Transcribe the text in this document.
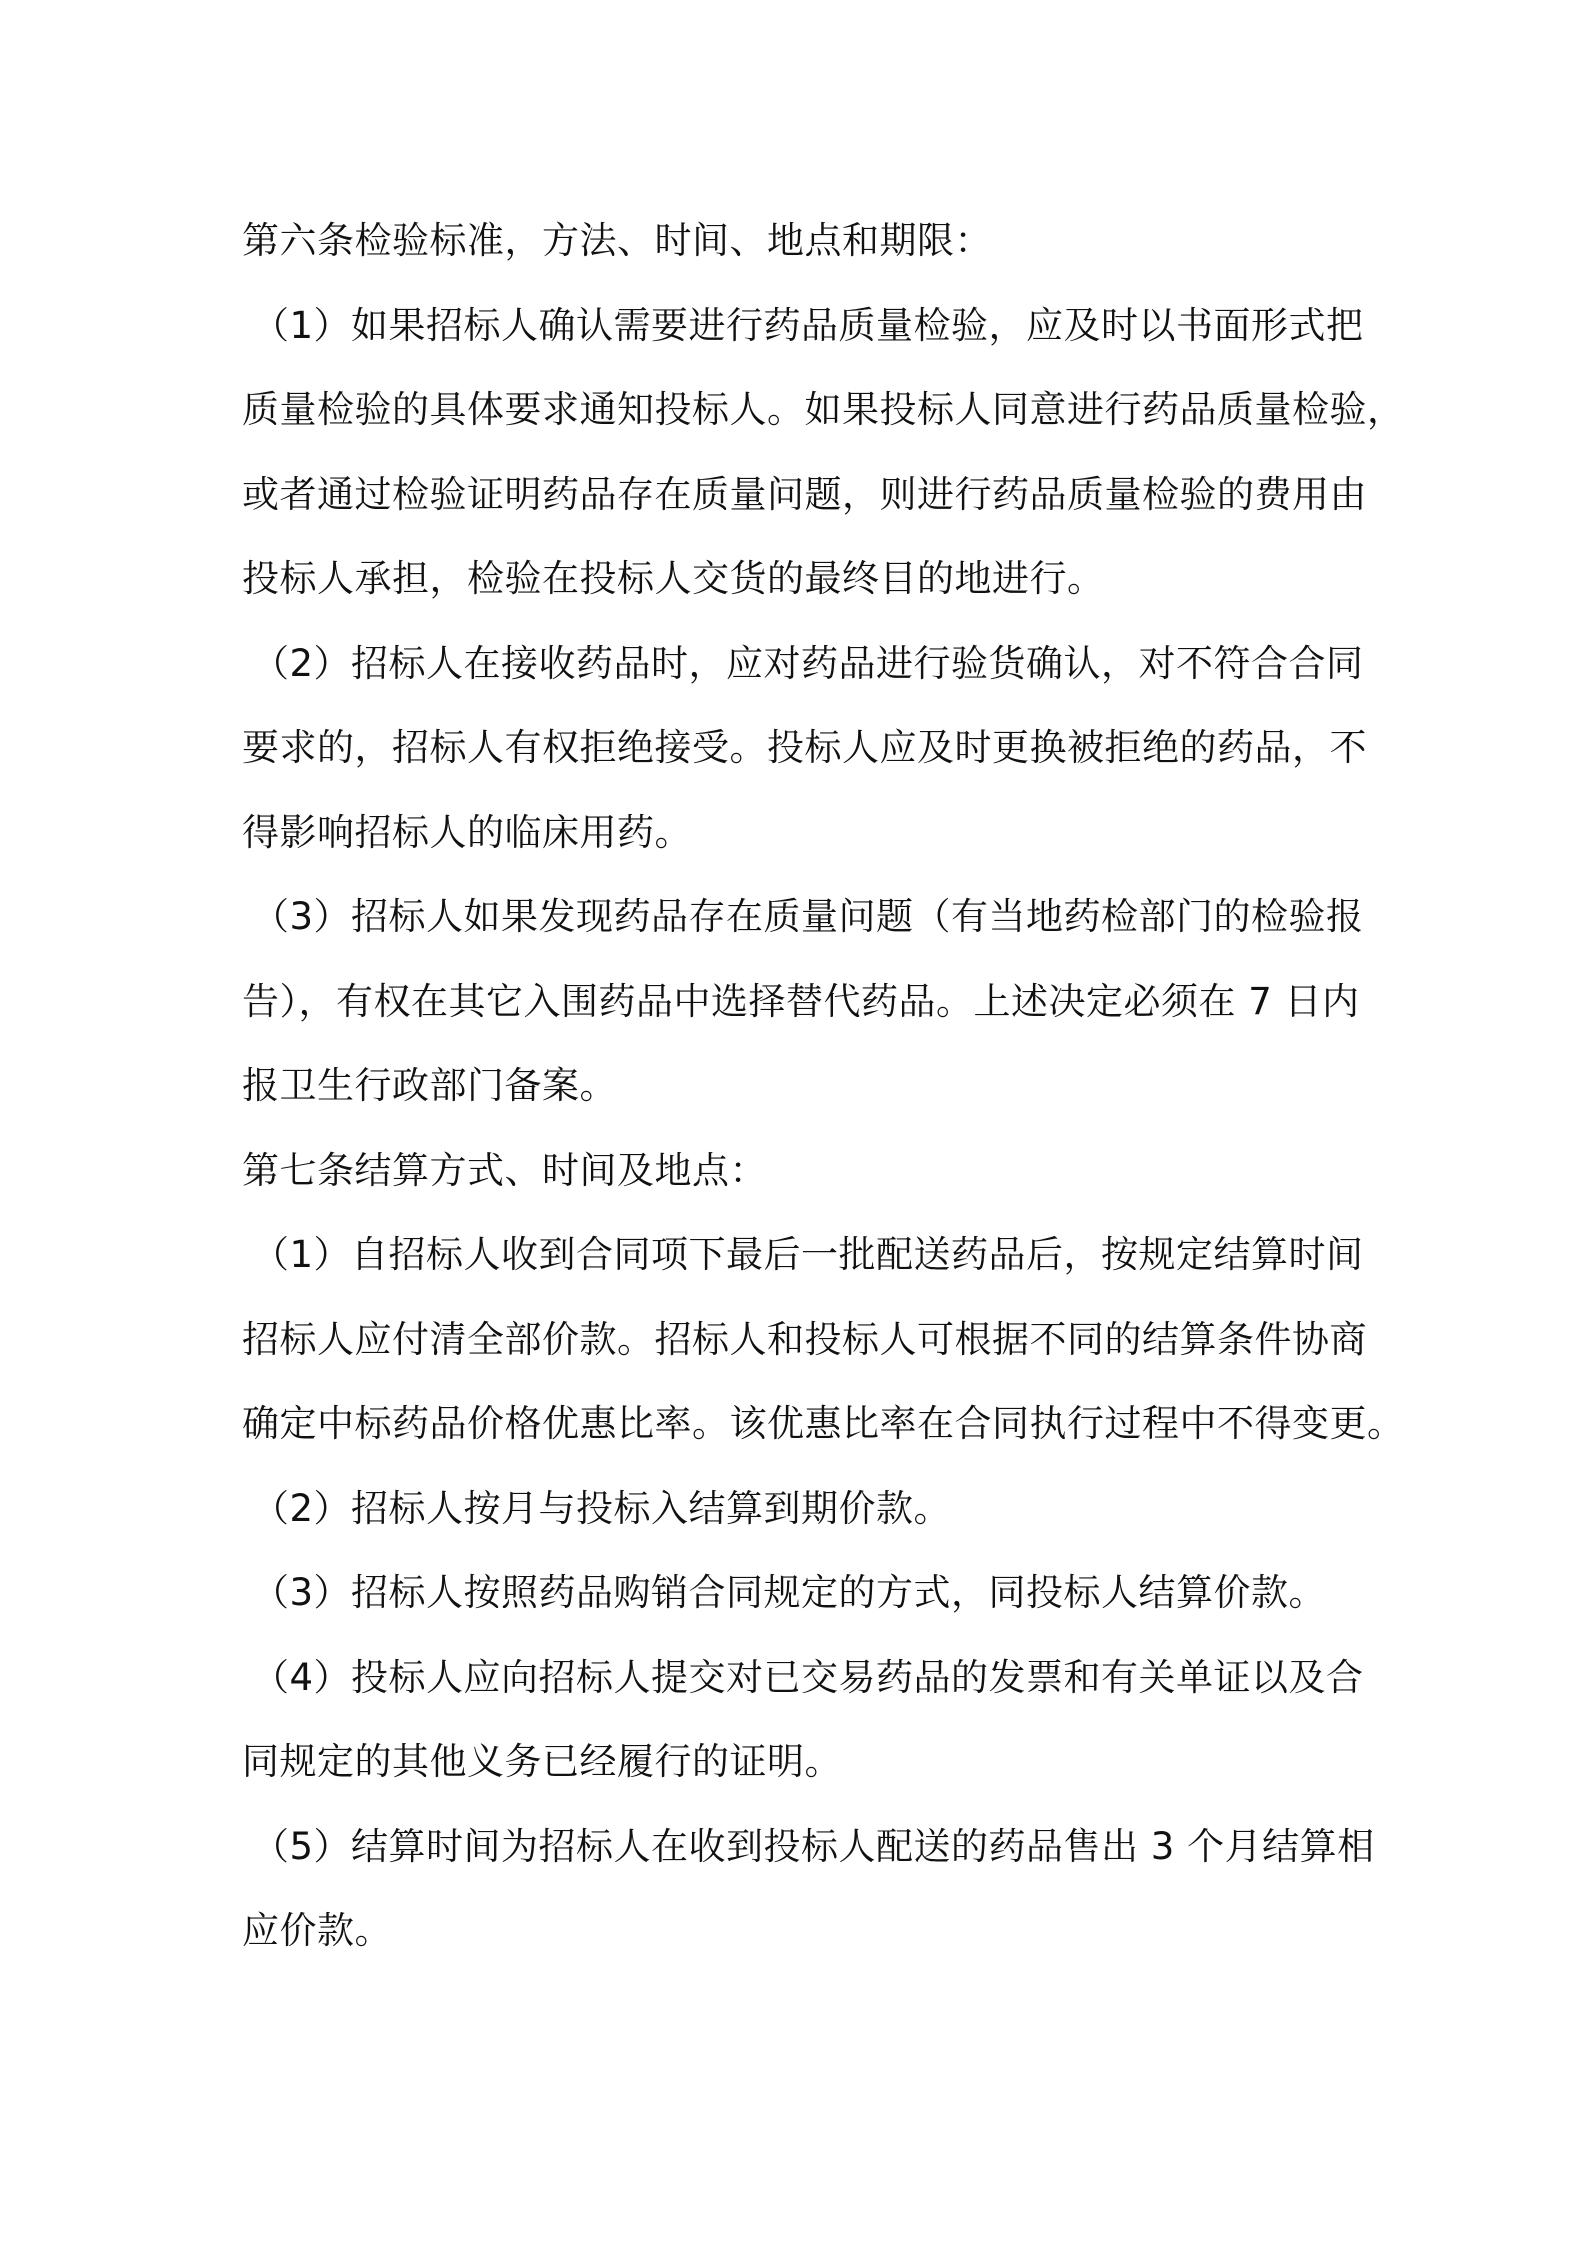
第六条检验标准，方法、时间、地点和期限：
（1）如果招标人确认需要进行药品质量检验，应及时以书面形式把
质量检验的具体要求通知投标人。如果投标人同意进行药品质量检验，
或者通过检验证明药品存在质量问题，则进行药品质量检验的费用由
投标人承担，检验在投标人交货的最终目的地进行。
（2）招标人在接收药品时，应对药品进行验货确认，对不符合合同
要求的，招标人有权拒绝接受。投标人应及时更换被拒绝的药品，不
得影响招标人的临床用药。
（3）招标人如果发现药品存在质量问题（有当地药检部门的检验报
告），有权在其它入围药品中选择替代药品。上述决定必须在 7 日内
报卫生行政部门备案。
第七条结算方式、时间及地点：
（1）自招标人收到合同项下最后一批配送药品后，按规定结算时间
招标人应付清全部价款。招标人和投标人可根据不同的结算条件协商
确定中标药品价格优惠比率。该优惠比率在合同执行过程中不得变更。
（2）招标人按月与投标入结算到期价款。
（3）招标人按照药品购销合同规定的方式，同投标人结算价款。
（4）投标人应向招标人提交对已交易药品的发票和有关单证以及合
同规定的其他义务已经履行的证明。
（5）结算时间为招标人在收到投标人配送的药品售出 3 个月结算相
应价款。
